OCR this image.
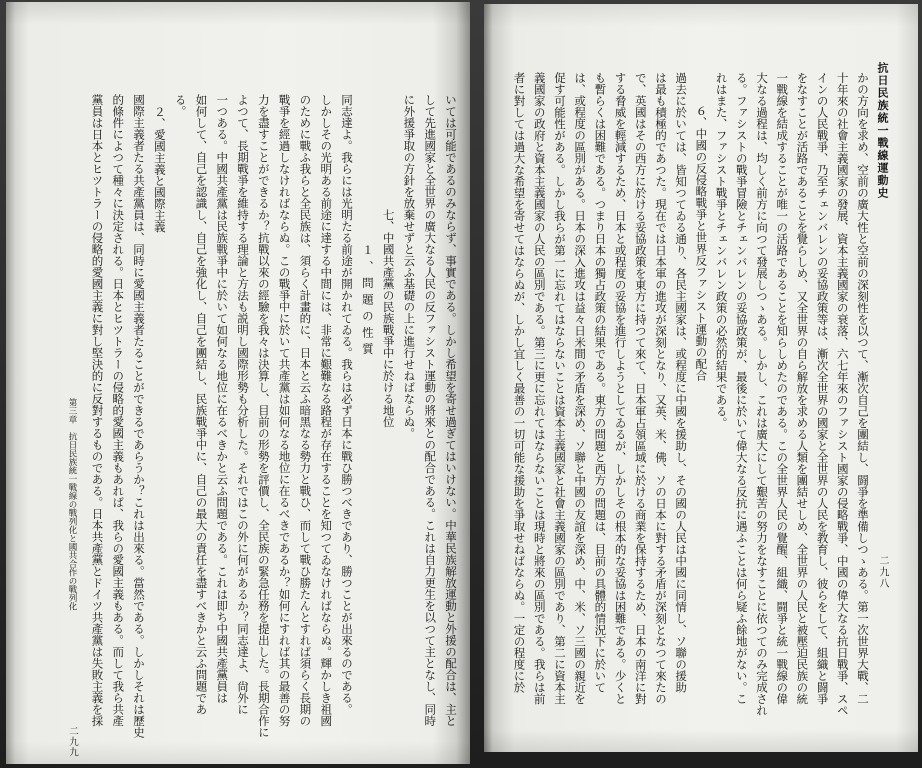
いては可能であるのみならず、事實である。しかし希望を寄せ過ぎてはいけない。中華民族解放運動と外援の配合は、主と
して先進國家と全世界の廣大なる人民の反ファシスト運動の將來との配合である。これは自力更生を以つて主となし、同時
に外援爭取の方針を放棄せずと云ふ基礎の上に進行せねばならぬ。
七、中國共產黨の民族戰爭中に於ける地位
１、問題の性質
同志達よ。我らには光明たる前途が開かれてゐる。我らは必ず日本に戰ひ勝つべきであり、勝つことが出來るのである。
しかしその光明ある前途に達する中間には、非常に艱難なる路程が存在することを知つてゐなければならぬ。輝かしき祖國
のために戰ふ我らと全民族は、須らく計畫的に、日本と云ふ暗黑なる勢力と戰ひ、而して戰ひ勝たんとすれば須らく長期の
戰爭を經過しなければならぬ。この戰爭中に於いて共產黨は如何なる地位に在るべきであるか？如何にすれば其の最善の努
力を盡すことができるか？抗戰以來の經驗を我々は決算し、目前の形勢を評價し、全民族の緊急任務を提出した。長期合作に
よつて、長期戰爭を維持する理論と方法も説明し國際形勢も分析した。それではこの外に何があるか？同志達よ、尙外に
一つある。中國共產黨は民族戰爭中に於いて如何なる地位に在るべきかと云ふ問題である。これは即ち中國共產黨員は
如何して、自己を認識し、自己を強化し、自己を團結し、民族戰爭中に、自己の最大の責任を盡すべきかと云ふ問題であ
る。
２、愛國主義と國際主義
國際主義者たる共產黨員は、同時に愛國主義者たることができるであらうか？これは出來る。當然である。しかしそれは歷史
的條件によつて種々に決定される。日本とヒツトラーの侵略的愛國主義もあれば、我らの愛國主義もある。而して我ら共產
黨員は日本とヒツトラーの侵略的愛國主義に對し堅決的に反對するものである。日本共產黨とドイツ共產黨は失敗主義を採
第三章　抗日民族統一戰線の戰列化と國共合作の戰列化
二九九
抗日民族統一戰線運動史
二九八
かの方向を求め、空前の廣大性と空前の深刻性を以つて、漸次自己を團結し、闘爭を準備しつゝある。第一次世界大戰、二
十年來の社會主義國家の發展、資本主義國家の衰落、六七年來のファシスト國家の侵略戰爭、中國の偉大なる抗日戰爭、スペ
インの人民戰爭、乃至チェンバレンの妥協政策等は、漸次全世界の國家と全世界の人民を教育し、彼らをして、組織と闘爭
をなすことが活路であることを覺らしめ、又全世界の自ら解放を求める人類を團結せしめ、全世界の人民と被壓迫民族の統
一戰線を結成することが唯一の活路であることを知らしめたのである。この全世界人民の覺醒、組織、闘爭と統一戰線の偉
大なる過程は、均しく前方に向つて發展しつゝある。しかし、これは廣大にして艱苦の努力をなすことに依つてのみ完成され
る。ファシストの戰爭冒險とチェンバレンの妥協政策が、最後に於いて偉大なる反抗に遇ふことは何ら疑ふ餘地がない。こ
れはまた、ファシスト戰爭とチェンバレン政策の必然的結果である。
６、中國の反侵略戰爭と世界反ファシスト運動の配合
過去に於いては、皆知つてゐる通り、各民主國家は、或程度に中國を援助し、その國の人民は中國に同情し、ソ聯の援助
は最も積極的であつた。現在では日本軍の進攻が深刻となり、又英、米、佛、ソの日本に對する矛盾が深刻となつて來たの
で、英國はその西方に於ける妥協政策を東方に持つて來て、日本軍占領區域に於ける商業を保持するため、日本の南洋に對
する脅威を輕減するため、日本と或程度の妥協を進行しようとしてゐるが、しかしその根本的な妥協は困難である。少くと
も暫らくは困難である。つまり日本の獨占政策の結果である。東方の問題と西方の問題は、目前の具體的情況下に於いて
は、或程度の區別がある。日本の深入進攻は益々日米間の矛盾を深め、ソ聯と中國の友誼を深め、中、米、ソ三國の親近を
促す可能性がある。しかし我らが第一に忘れてはならないことは資本主義國家と社會主義國家の區別であり、第二に資本主
義國家の政府と資本主義國家の人民の區別である。第三に更に忘れてはならないことは現時と將來の區別である。我らは前
者に對しては過大な希望を寄せてはならぬが、しかし宜しく最善の一切可能な援助を爭取せねばならぬ。一定の程度に於
